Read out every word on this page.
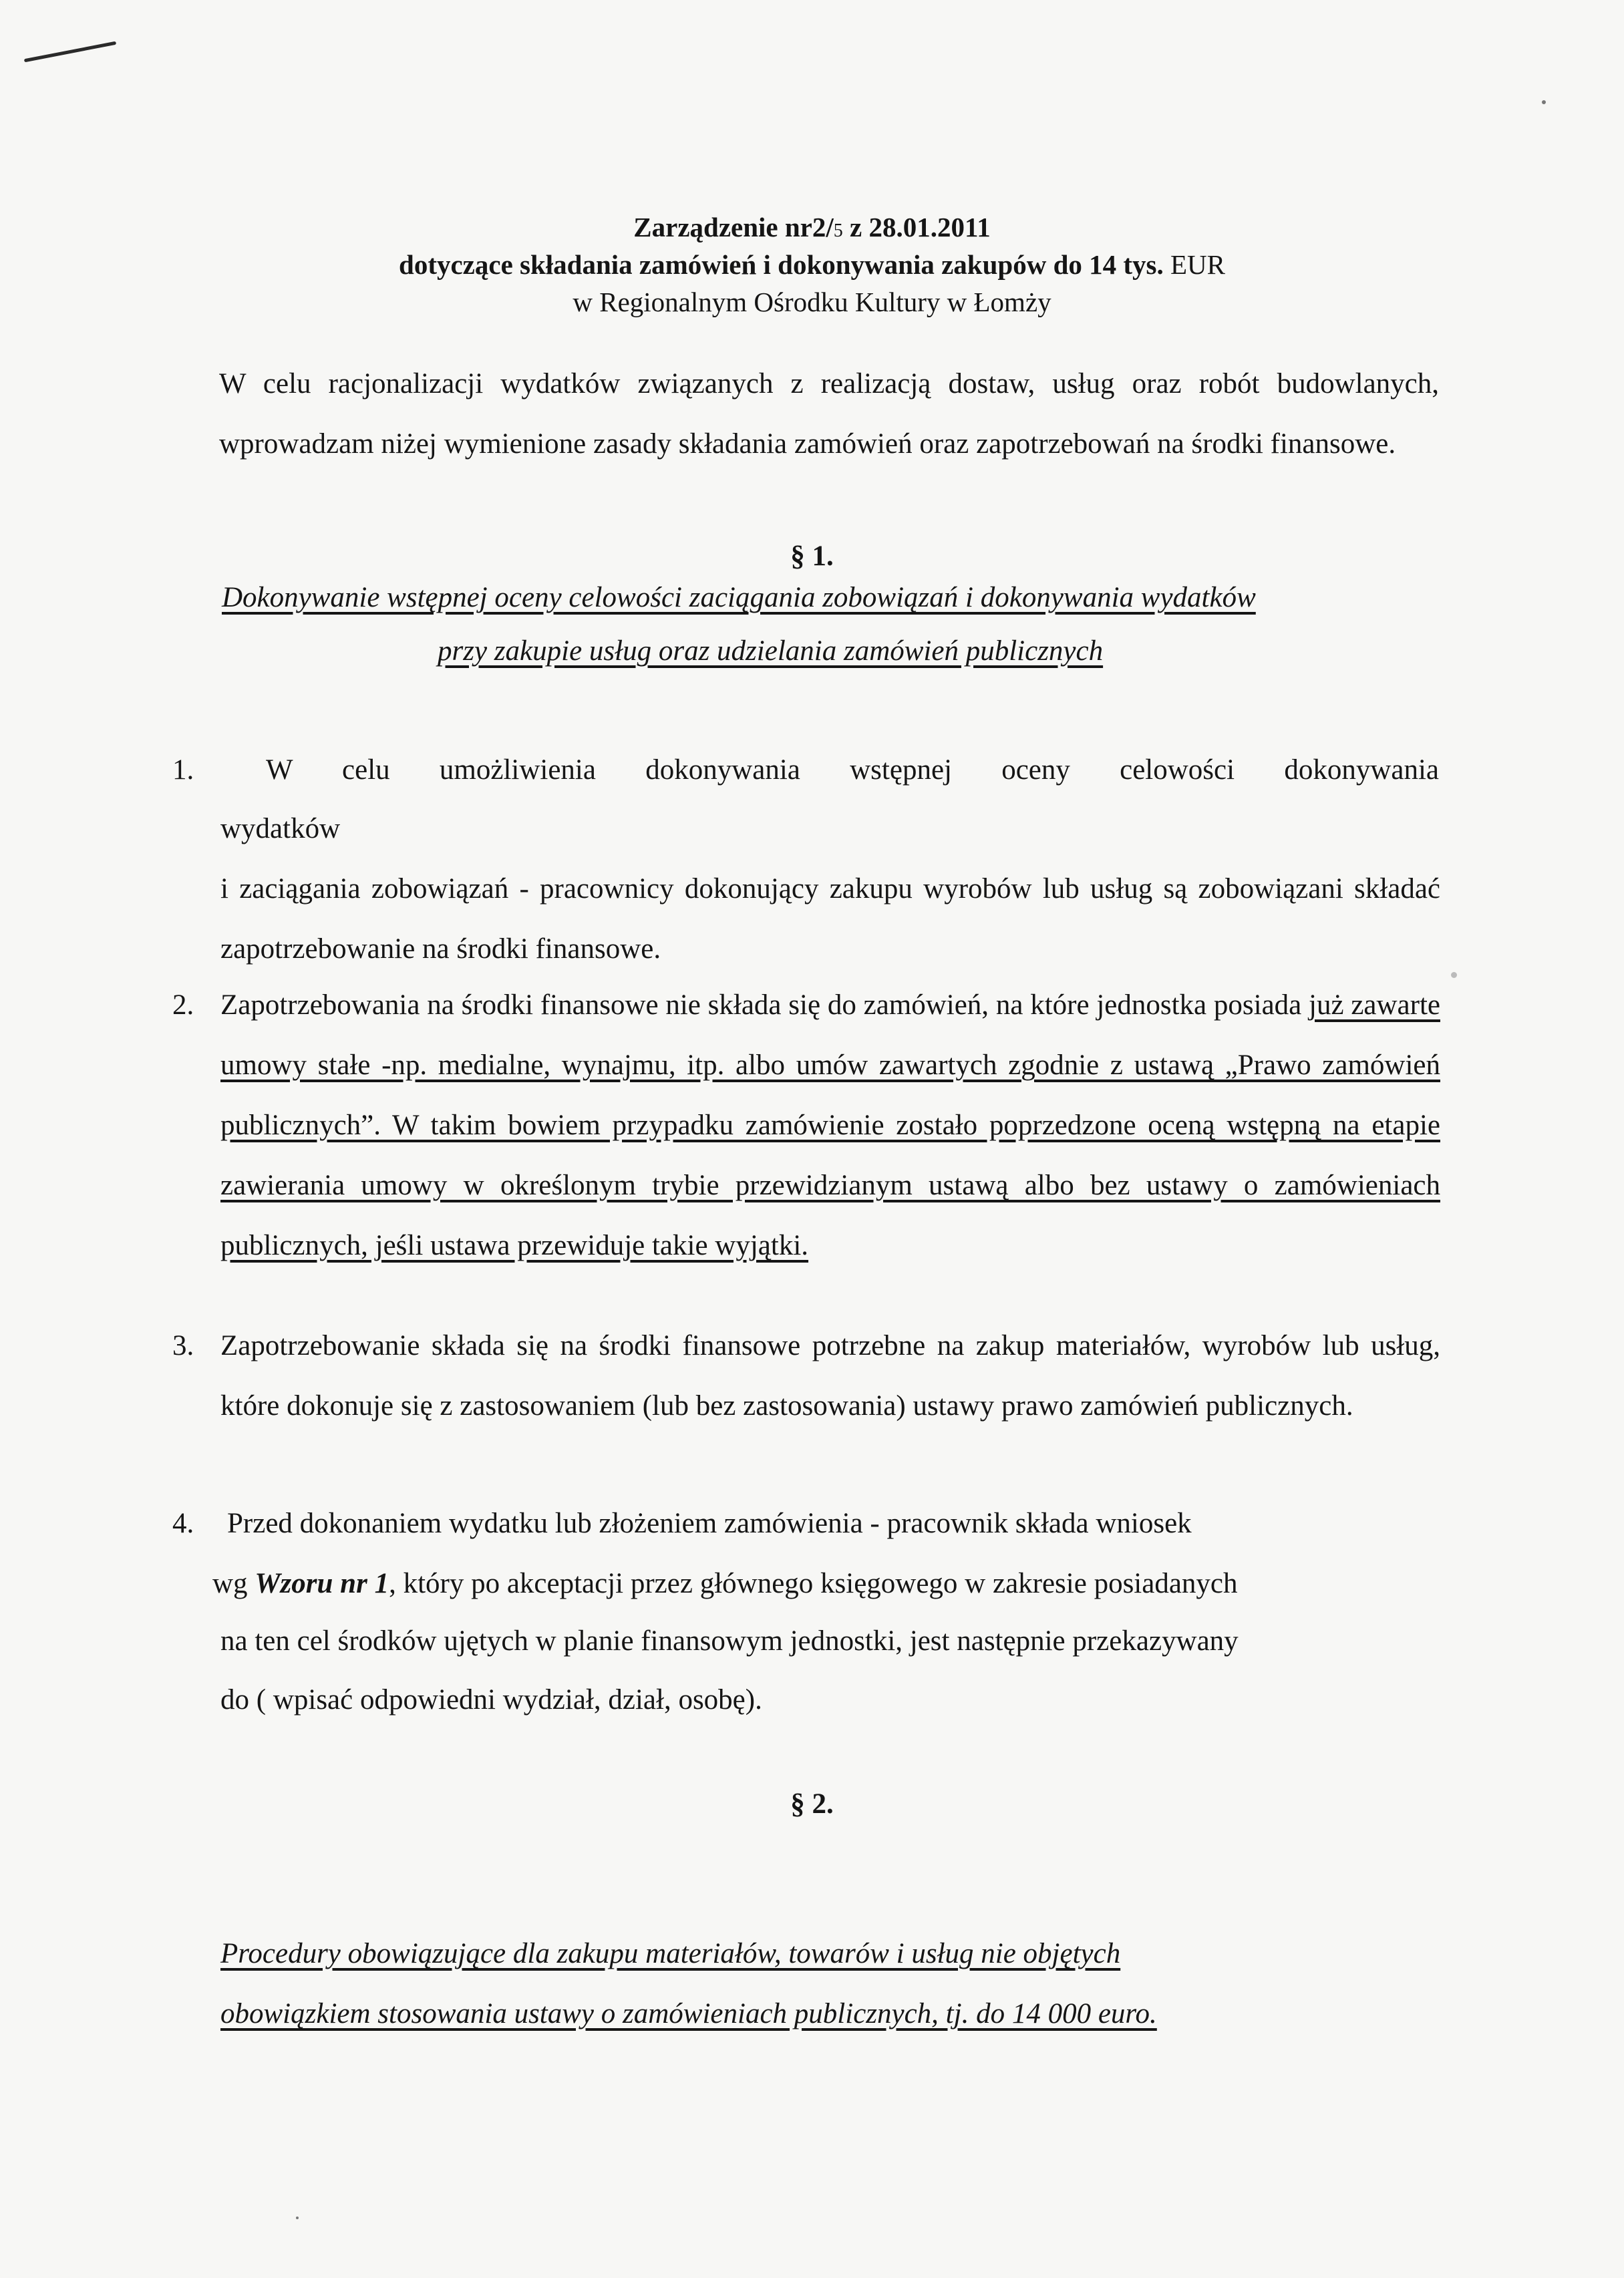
Zarządzenie nr2/5 z 28.01.2011
dotyczące składania zamówień i dokonywania zakupów do 14 tys. EUR
w Regionalnym Ośrodku Kultury w Łomży
W celu racjonalizacji wydatków związanych z realizacją dostaw, usług oraz robót budowlanych, wprowadzam niżej wymienione zasady składania zamówień oraz zapotrzebowań na środki finansowe.
§ 1.
Dokonywanie wstępnej oceny celowości zaciągania zobowiązań i dokonywania wydatków
przy zakupie usług oraz udzielania zamówień publicznych
1.	W celu umożliwienia dokonywania wstępnej oceny celowości dokonywania
wydatków
i zaciągania zobowiązań - pracownicy dokonujący zakupu wyrobów lub usług są zobowiązani składać zapotrzebowanie na środki finansowe.
2. Zapotrzebowania na środki finansowe nie składa się do zamówień, na które jednostka posiada już zawarte umowy stałe -np. medialne, wynajmu, itp. albo umów zawartych zgodnie z ustawą „Prawo zamówień publicznych”. W takim bowiem przypadku zamówienie zostało poprzedzone oceną wstępną na etapie zawierania umowy w określonym trybie przewidzianym ustawą albo bez ustawy o zamówieniach publicznych, jeśli ustawa przewiduje takie wyjątki.
3. Zapotrzebowanie składa się na środki finansowe potrzebne na zakup materiałów, wyrobów lub usług, które dokonuje się z zastosowaniem (lub bez zastosowania) ustawy prawo zamówień publicznych.
4. Przed dokonaniem wydatku lub złożeniem zamówienia - pracownik składa wniosek
wg Wzoru nr 1, który po akceptacji przez głównego księgowego w zakresie posiadanych
na ten cel środków ujętych w planie finansowym jednostki, jest następnie przekazywany
do ( wpisać odpowiedni wydział, dział, osobę).
§ 2.
Procedury obowiązujące dla zakupu materiałów, towarów i usług nie objętych
obowiązkiem stosowania ustawy o zamówieniach publicznych, tj. do 14 000 euro.
